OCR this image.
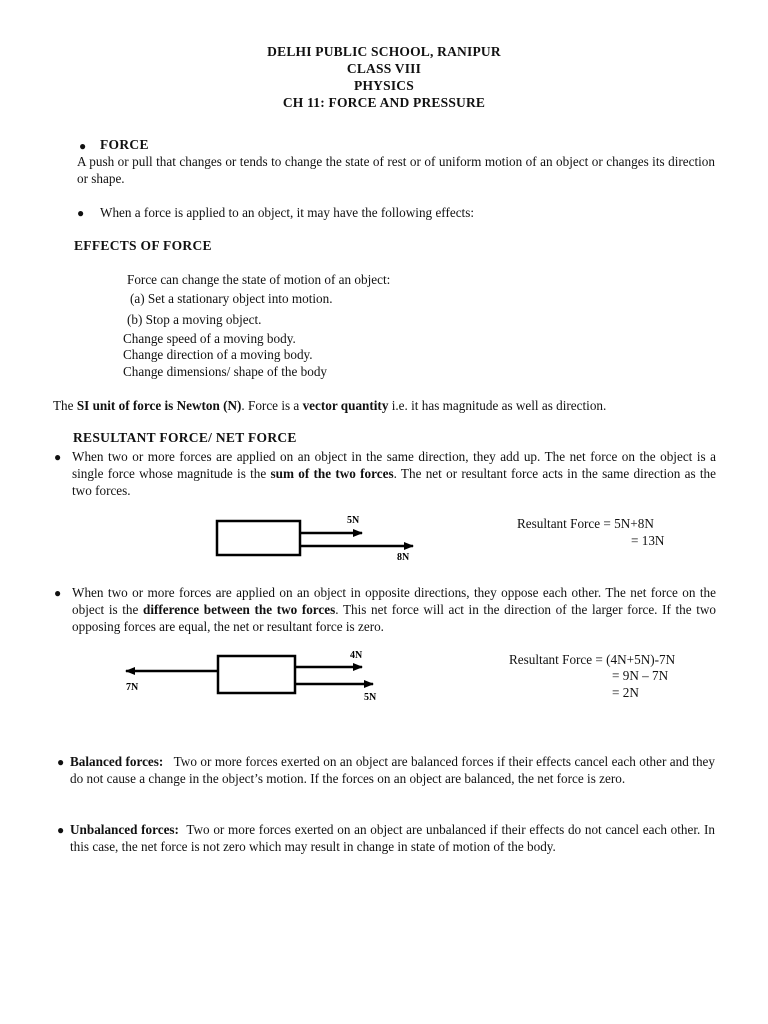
DELHI PUBLIC SCHOOL, RANIPUR
CLASS VIII
PHYSICS
CH 11: FORCE AND PRESSURE
● FORCE
A push or pull that changes or tends to change the state of rest or of uniform motion of an object or changes its direction or shape.
● When a force is applied to an object, it may have the following effects:
EFFECTS OF FORCE
Force can change the state of motion of an object:
(a) Set a stationary object into motion.
(b) Stop a moving object.
Change speed of a moving body.
Change direction of a moving body.
Change dimensions/ shape of the body
The SI unit of force is Newton (N). Force is a vector quantity i.e. it has magnitude as well as direction.
RESULTANT FORCE/ NET FORCE
● When two or more forces are applied on an object in the same direction, they add up. The net force on the object is a single force whose magnitude is the sum of the two forces. The net or resultant force acts in the same direction as the two forces.
5N
8N
Resultant Force = 5N+8N
= 13N
● When two or more forces are applied on an object in opposite directions, they oppose each other. The net force on the object is the difference between the two forces. This net force will act in the direction of the larger force. If the two opposing forces are equal, the net or resultant force is zero.
4N
7N
5N
Resultant Force = (4N+5N)-7N
= 9N – 7N
= 2N
● Balanced forces: Two or more forces exerted on an object are balanced forces if their effects cancel each other and they do not cause a change in the object’s motion. If the forces on an object are balanced, the net force is zero.
● Unbalanced forces: Two or more forces exerted on an object are unbalanced if their effects do not cancel each other. In this case, the net force is not zero which may result in change in state of motion of the body.
